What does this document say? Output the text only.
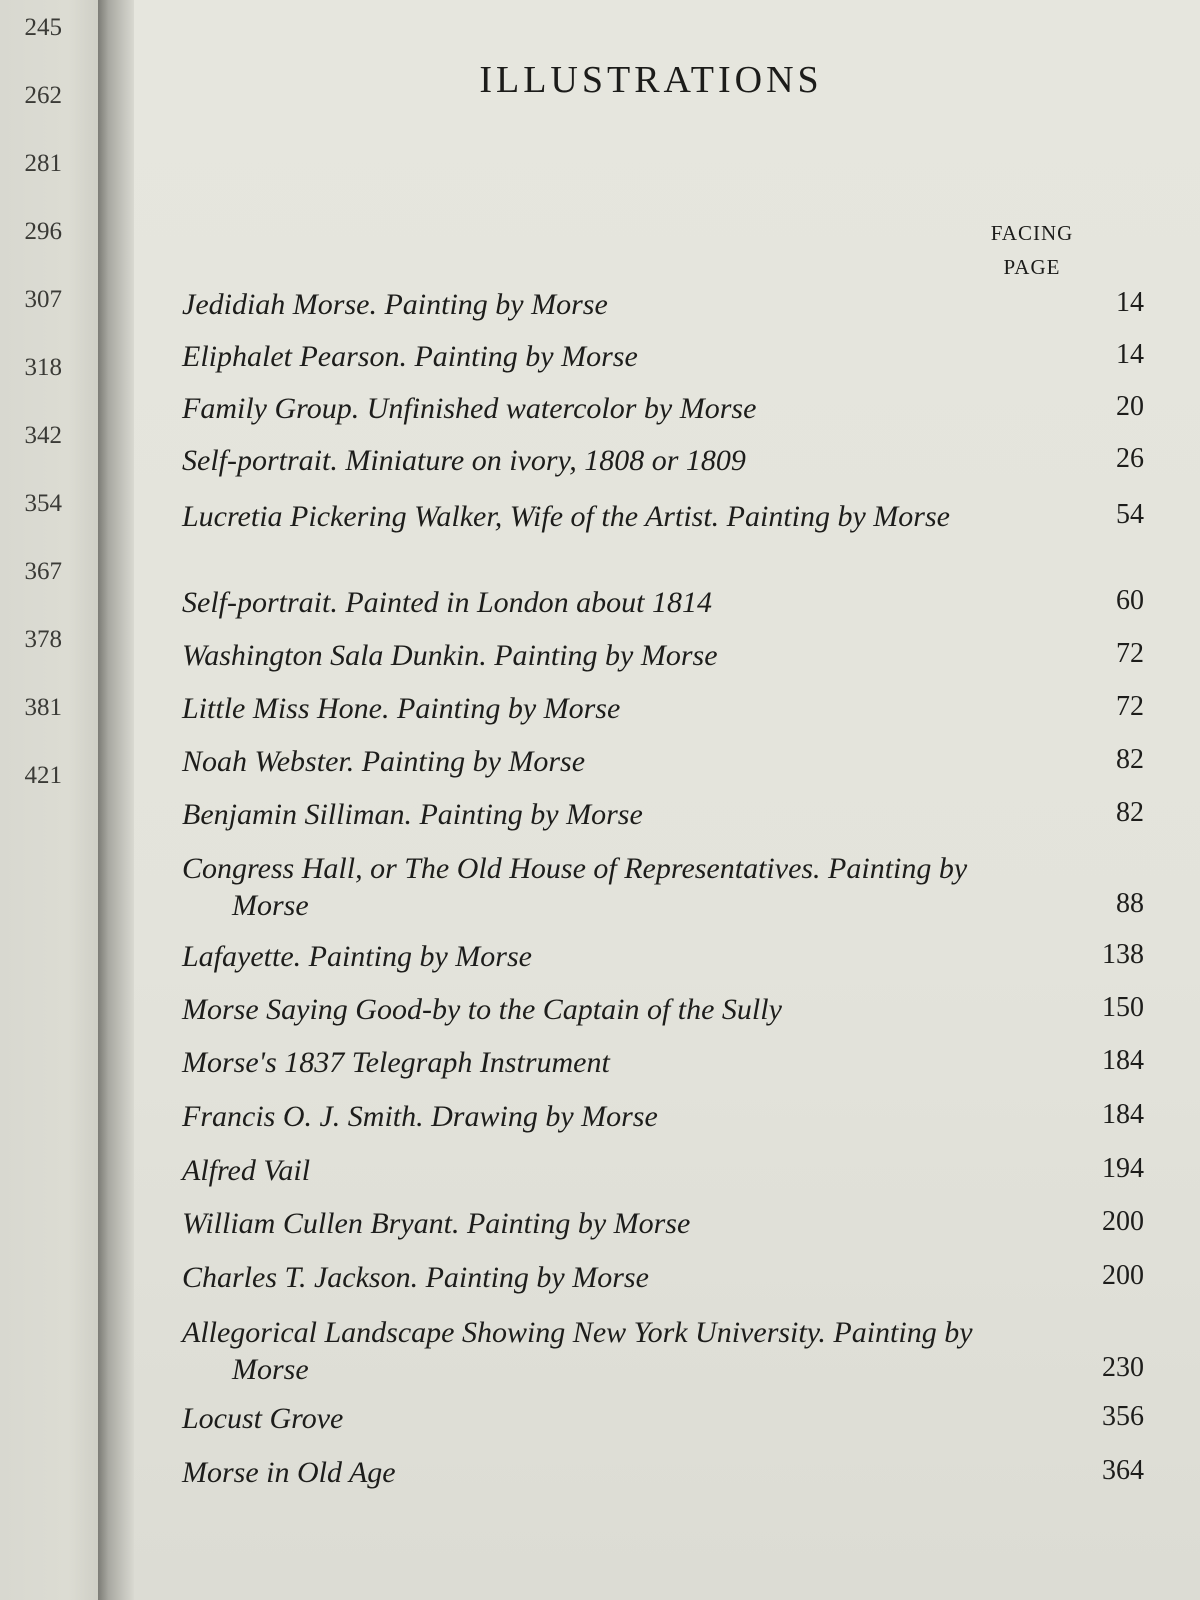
245
262
281
296
307
318
342
354
367
378
381
421
ILLUSTRATIONS
FACING
PAGE
Jedidiah Morse. Painting by Morse	14
Eliphalet Pearson. Painting by Morse	14
Family Group. Unfinished watercolor by Morse	20
Self-portrait. Miniature on ivory, 1808 or 1809	26
Lucretia Pickering Walker, Wife of the Artist. Painting by Morse	54
Self-portrait. Painted in London about 1814	60
Washington Sala Dunkin. Painting by Morse	72
Little Miss Hone. Painting by Morse	72
Noah Webster. Painting by Morse	82
Benjamin Silliman. Painting by Morse	82
Congress Hall, or The Old House of Representatives. Painting by Morse	88
Lafayette. Painting by Morse	138
Morse Saying Good-by to the Captain of the Sully	150
Morse's 1837 Telegraph Instrument	184
Francis O. J. Smith. Drawing by Morse	184
Alfred Vail	194
William Cullen Bryant. Painting by Morse	200
Charles T. Jackson. Painting by Morse	200
Allegorical Landscape Showing New York University. Painting by Morse	230
Locust Grove	356
Morse in Old Age	364
